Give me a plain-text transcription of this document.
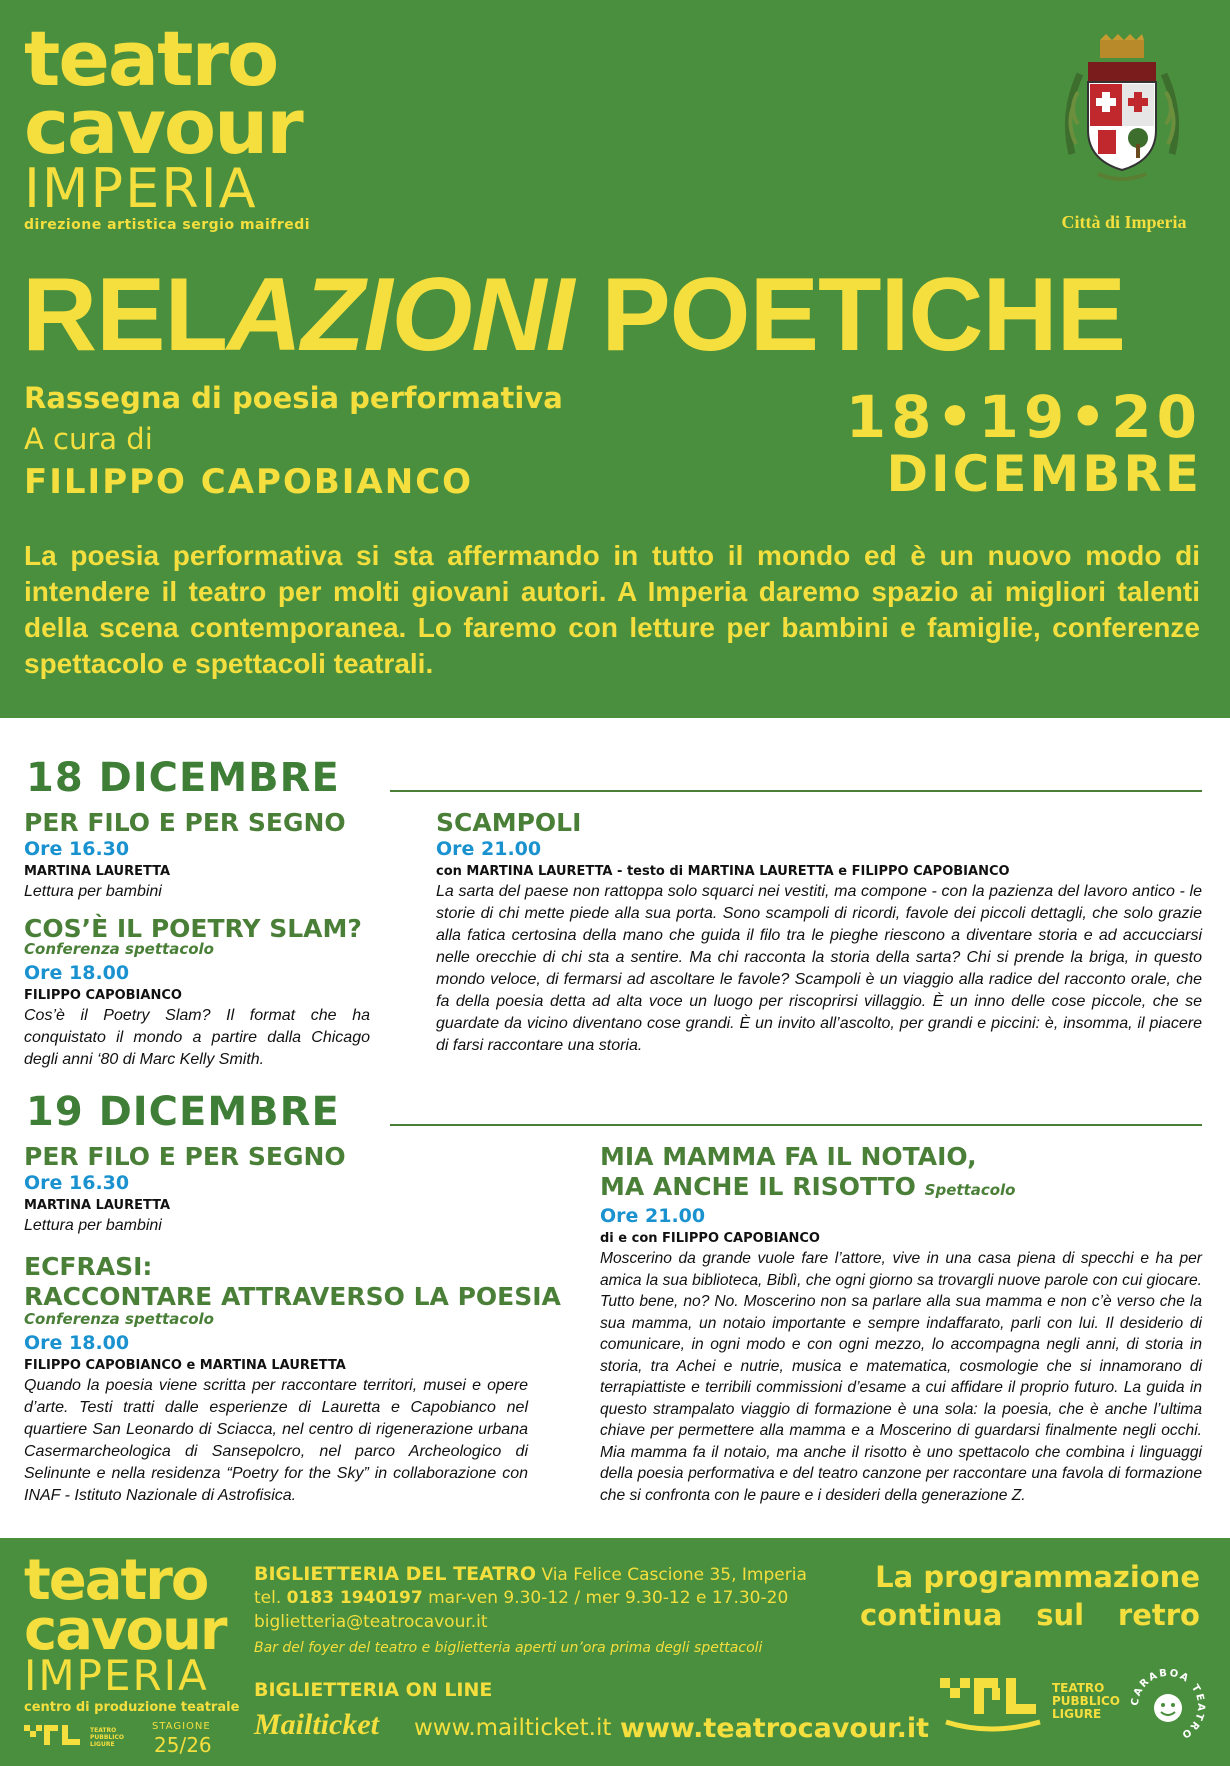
teatro
cavour
IMPERIA
direzione artistica sergio maifredi	Città di Imperia
RELAZIONI POETICHE
Rassegna di poesia performativa
A cura di
FILIPPO CAPOBIANCO
18•19•20
DICEMBRE
La poesia performativa si sta affermando in tutto il mondo ed è un nuovo modo di intendere il teatro per molti giovani autori. A Imperia daremo spazio ai migliori talenti della scena contemporanea. Lo faremo con letture per bambini e famiglie, conferenze spettacolo e spettacoli teatrali.
18 DICEMBRE
PER FILO E PER SEGNO
Ore 16.30
MARTINA LAURETTA
Lettura per bambini
COS’È IL POETRY SLAM?
Conferenza spettacolo
Ore 18.00
FILIPPO CAPOBIANCO
Cos’è il Poetry Slam? Il format che ha conquistato il mondo a partire dalla Chicago degli anni ‘80 di Marc Kelly Smith.
SCAMPOLI
Ore 21.00
con MARTINA LAURETTA - testo di MARTINA LAURETTA e FILIPPO CAPOBIANCO
La sarta del paese non rattoppa solo squarci nei vestiti, ma compone - con la pazienza del lavoro antico - le storie di chi mette piede alla sua porta. Sono scampoli di ricordi, favole dei piccoli dettagli, che solo grazie alla fatica certosina della mano che guida il filo tra le pieghe riescono a diventare storia e ad accucciarsi nelle orecchie di chi sta a sentire. Ma chi racconta la storia della sarta? Chi si prende la briga, in questo mondo veloce, di fermarsi ad ascoltare le favole? Scampoli è un viaggio alla radice del racconto orale, che fa della poesia detta ad alta voce un luogo per riscoprirsi villaggio. È un inno delle cose piccole, che se guardate da vicino diventano cose grandi. È un invito all’ascolto, per grandi e piccini: è, insomma, il piacere di farsi raccontare una storia.
19 DICEMBRE
PER FILO E PER SEGNO
Ore 16.30
MARTINA LAURETTA
Lettura per bambini
ECFRASI:
RACCONTARE ATTRAVERSO LA POESIA
Conferenza spettacolo
Ore 18.00
FILIPPO CAPOBIANCO e MARTINA LAURETTA
Quando la poesia viene scritta per raccontare territori, musei e opere d’arte. Testi tratti dalle esperienze di Lauretta e Capobianco nel quartiere San Leonardo di Sciacca, nel centro di rigenerazione urbana Casermarcheologica di Sansepolcro, nel parco Archeologico di Selinunte e nella residenza “Poetry for the Sky” in collaborazione con INAF - Istituto Nazionale di Astrofisica.
MIA MAMMA FA IL NOTAIO,
MA ANCHE IL RISOTTO Spettacolo
Ore 21.00
di e con FILIPPO CAPOBIANCO
Moscerino da grande vuole fare l’attore, vive in una casa piena di specchi e ha per amica la sua biblioteca, Biblì, che ogni giorno sa trovargli nuove parole con cui giocare. Tutto bene, no? No. Moscerino non sa parlare alla sua mamma e non c’è verso che la sua mamma, un notaio importante e sempre indaffarato, parli con lui. Il desiderio di comunicare, in ogni modo e con ogni mezzo, lo accompagna negli anni, di storia in storia, tra Achei e nutrie, musica e matematica, cosmologie che si innamorano di terrapiattiste e terribili commissioni d’esame a cui affidare il proprio futuro. La guida in questo strampalato viaggio di formazione è una sola: la poesia, che è anche l’ultima chiave per permettere alla mamma e a Moscerino di guardarsi finalmente negli occhi. Mia mamma fa il notaio, ma anche il risotto è uno spettacolo che combina i linguaggi della poesia performativa e del teatro canzone per raccontare una favola di formazione che si confronta con le paure e i desideri della generazione Z.
teatro
cavour
IMPERIA
centro di produzione teatrale
TEATRO PUBBLICO LIGURE
STAGIONE
25/26
BIGLIETTERIA DEL TEATRO Via Felice Cascione 35, Imperia
tel. 0183 1940197 mar-ven 9.30-12 / mer 9.30-12 e 17.30-20
biglietteria@teatrocavour.it
Bar del foyer del teatro e biglietteria aperti un’ora prima degli spettacoli
BIGLIETTERIA ON LINE
Mailticket www.mailticket.it www.teatrocavour.it
La programmazione
continua sul retro
TEATRO
PUBBLICO
LIGURE
CARABOA TEATRO
